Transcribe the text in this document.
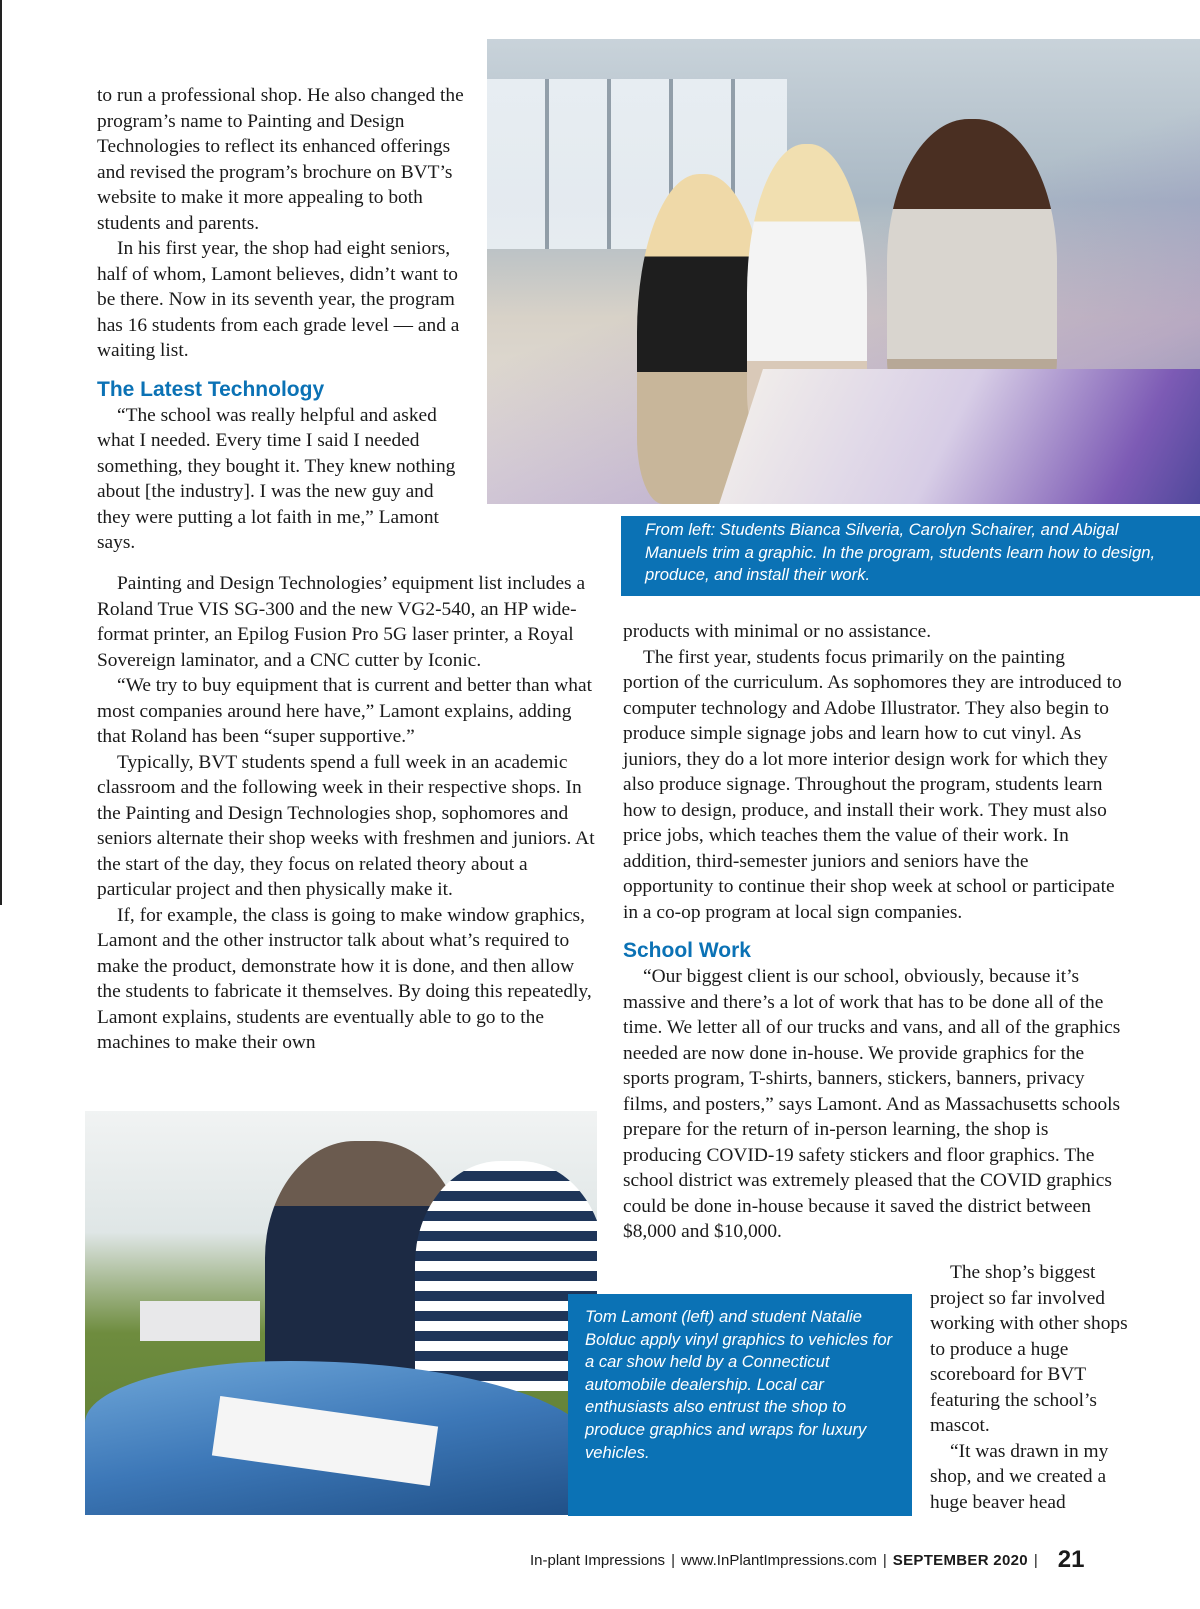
From left: Students Bianca Silveria, Carolyn Schairer, and Abigal Manuels trim a graphic. In the program, students learn how to design, produce, and install their work.

to run a professional shop. He also changed the program’s name to Painting and Design Technologies to reflect its enhanced offerings and revised the program’s brochure on BVT’s website to make it more appealing to both students and parents.

In his first year, the shop had eight seniors, half of whom, Lamont believes, didn’t want to be there. Now in its seventh year, the program has 16 students from each grade level — and a waiting list.

The Latest Technology

“The school was really helpful and asked what I needed. Every time I said I needed something, they bought it. They knew nothing about [the industry]. I was the new guy and they were putting a lot faith in me,” Lamont says.

Painting and Design Technologies’ equipment list includes a Roland True VIS SG-300 and the new VG2-540, an HP wide-format printer, an Epilog Fusion Pro 5G laser printer, a Royal Sovereign laminator, and a CNC cutter by Iconic.

“We try to buy equipment that is current and better than what most companies around here have,” Lamont explains, adding that Roland has been “super supportive.”

Typically, BVT students spend a full week in an academic classroom and the following week in their respective shops. In the Painting and Design Technologies shop, sophomores and seniors alternate their shop weeks with freshmen and juniors. At the start of the day, they focus on related theory about a particular project and then physically make it.

If, for example, the class is going to make window graphics, Lamont and the other instructor talk about what’s required to make the product, demonstrate how it is done, and then allow the students to fabricate it themselves. By doing this repeatedly, Lamont explains, students are eventually able to go to the machines to make their own

products with minimal or no assistance.

The first year, students focus primarily on the painting portion of the curriculum. As sophomores they are introduced to computer technology and Adobe Illustrator. They also begin to produce simple signage jobs and learn how to cut vinyl. As juniors, they do a lot more interior design work for which they also produce signage. Throughout the program, students learn how to design, produce, and install their work. They must also price jobs, which teaches them the value of their work. In addition, third-semester juniors and seniors have the opportunity to continue their shop week at school or participate in a co-op program at local sign companies.

School Work

“Our biggest client is our school, obviously, because it’s massive and there’s a lot of work that has to be done all of the time. We letter all of our trucks and vans, and all of the graphics needed are now done in-house. We provide graphics for the sports program, T-shirts, banners, stickers, banners, privacy films, and posters,” says Lamont. And as Massachusetts schools prepare for the return of in-person learning, the shop is producing COVID-19 safety stickers and floor graphics. The school district was extremely pleased that the COVID graphics could be done in-house because it saved the district between $8,000 and $10,000.

Tom Lamont (left) and student Natalie Bolduc apply vinyl graphics to vehicles for a car show held by a Connecticut automobile dealership. Local car enthusiasts also entrust the shop to produce graphics and wraps for luxury vehicles.

The shop’s biggest project so far involved working with other shops to produce a huge scoreboard for BVT featuring the school’s mascot.

“It was drawn in my shop, and we created a huge beaver head

In-plant Impressions | www.InPlantImpressions.com | SEPTEMBER 2020 | 21
